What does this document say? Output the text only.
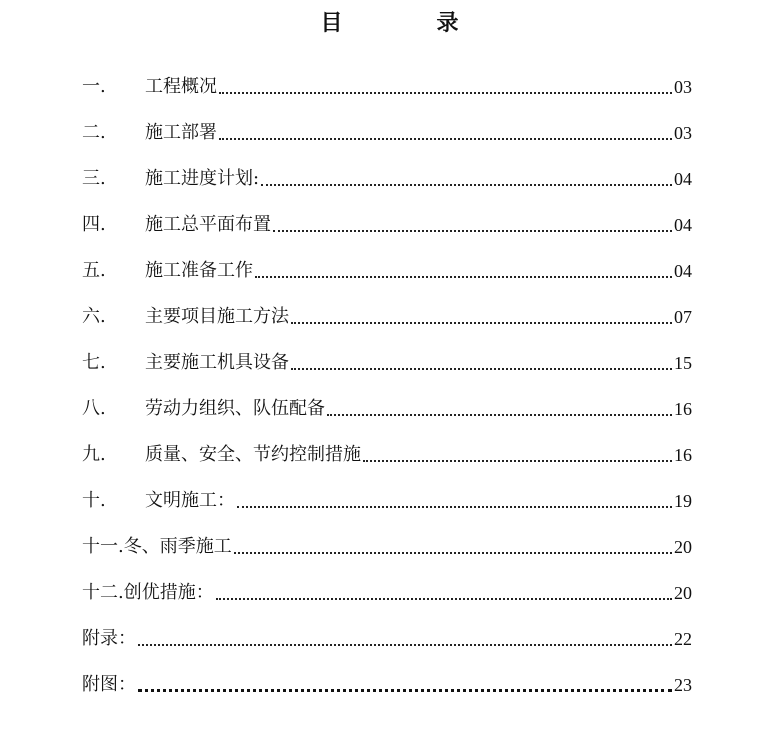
目　录
一.	工程概况	03
二.	施工部署	03
三.	施工进度计划:	04
四.	施工总平面布置	04
五.	施工准备工作	04
六.	主要项目施工方法	07
七.	主要施工机具设备	15
八.	劳动力组织、队伍配备	16
九.	质量、安全、节约控制措施	16
十.	文明施工：	19
十一. 冬、雨季施工	20
十二. 创优措施：	20
附录：	22
附图：	23
